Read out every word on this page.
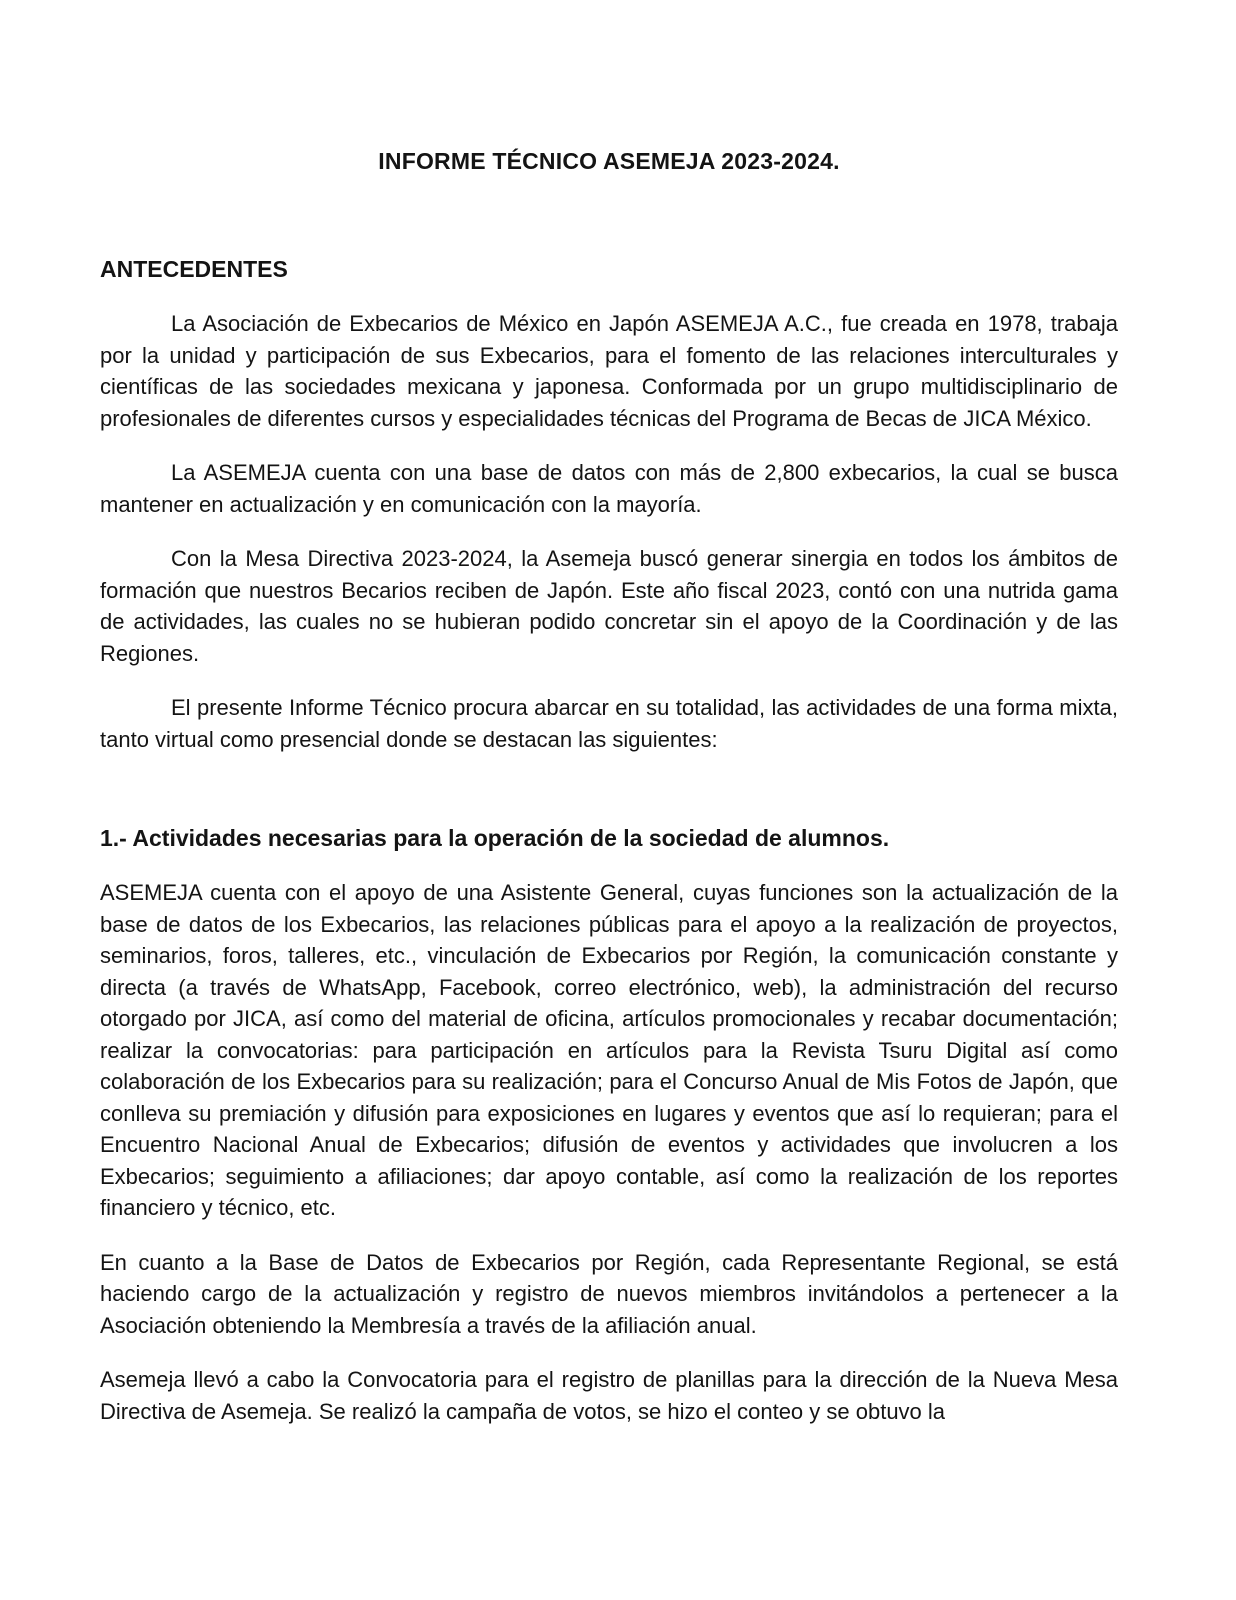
INFORME TÉCNICO ASEMEJA 2023-2024.
ANTECEDENTES

La Asociación de Exbecarios de México en Japón ASEMEJA A.C., fue creada en 1978, trabaja por la unidad y participación de sus Exbecarios, para el fomento de las relaciones interculturales y científicas de las sociedades mexicana y japonesa. Conformada por un grupo multidisciplinario de profesionales de diferentes cursos y especialidades técnicas del Programa de Becas de JICA México.

La ASEMEJA cuenta con una base de datos con más de 2,800 exbecarios, la cual se busca mantener en actualización y en comunicación con la mayoría.

Con la Mesa Directiva 2023-2024, la Asemeja buscó generar sinergia en todos los ámbitos de formación que nuestros Becarios reciben de Japón. Este año fiscal 2023, contó con una nutrida gama de actividades, las cuales no se hubieran podido concretar sin el apoyo de la Coordinación y de las Regiones.

El presente Informe Técnico procura abarcar en su totalidad, las actividades de una forma mixta, tanto virtual como presencial donde se destacan las siguientes:

1.- Actividades necesarias para la operación de la sociedad de alumnos.

ASEMEJA cuenta con el apoyo de una Asistente General, cuyas funciones son la actualización de la base de datos de los Exbecarios, las relaciones públicas para el apoyo a la realización de proyectos, seminarios, foros, talleres, etc., vinculación de Exbecarios por Región, la comunicación constante y directa (a través de WhatsApp, Facebook, correo electrónico, web), la administración del recurso otorgado por JICA, así como del material de oficina, artículos promocionales y recabar documentación; realizar la convocatorias: para participación en artículos para la Revista Tsuru Digital así como colaboración de los Exbecarios para su realización; para el Concurso Anual de Mis Fotos de Japón, que conlleva su premiación y difusión para exposiciones en lugares y eventos que así lo requieran; para el Encuentro Nacional Anual de Exbecarios; difusión de eventos y actividades que involucren a los Exbecarios; seguimiento a afiliaciones; dar apoyo contable, así como la realización de los reportes financiero y técnico, etc.

En cuanto a la Base de Datos de Exbecarios por Región, cada Representante Regional, se está haciendo cargo de la actualización y registro de nuevos miembros invitándolos a pertenecer a la Asociación obteniendo la Membresía a través de la afiliación anual.

Asemeja llevó a cabo la Convocatoria para el registro de planillas para la dirección de la Nueva Mesa Directiva de Asemeja. Se realizó la campaña de votos, se hizo el conteo y se obtuvo la
